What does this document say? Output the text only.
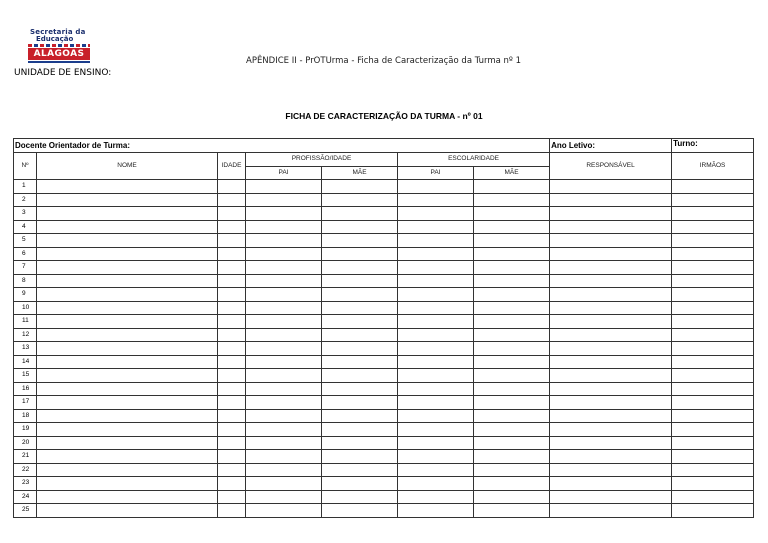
Secretaria da
Educação
ALAGOAS
UNIDADE DE ENSINO:
APÊNDICE II - PrOTUrma - Ficha de Caracterização da Turma nº 1
FICHA DE CARACTERIZAÇÃO DA TURMA - nº 01
Docente Orientador de Turma:							Ano Letivo:	Turno:
Nº	NOME	IDADE	PROFISSÃO/IDADE		ESCOLARIDADE		RESPONSÁVEL	IRMÃOS
			PAI	MÃE	PAI	MÃE		
1								
2								
3								
4								
5								
6								
7								
8								
9								
10								
11								
12								
13								
14								
15								
16								
17								
18								
19								
20								
21								
22								
23								
24								
25								
